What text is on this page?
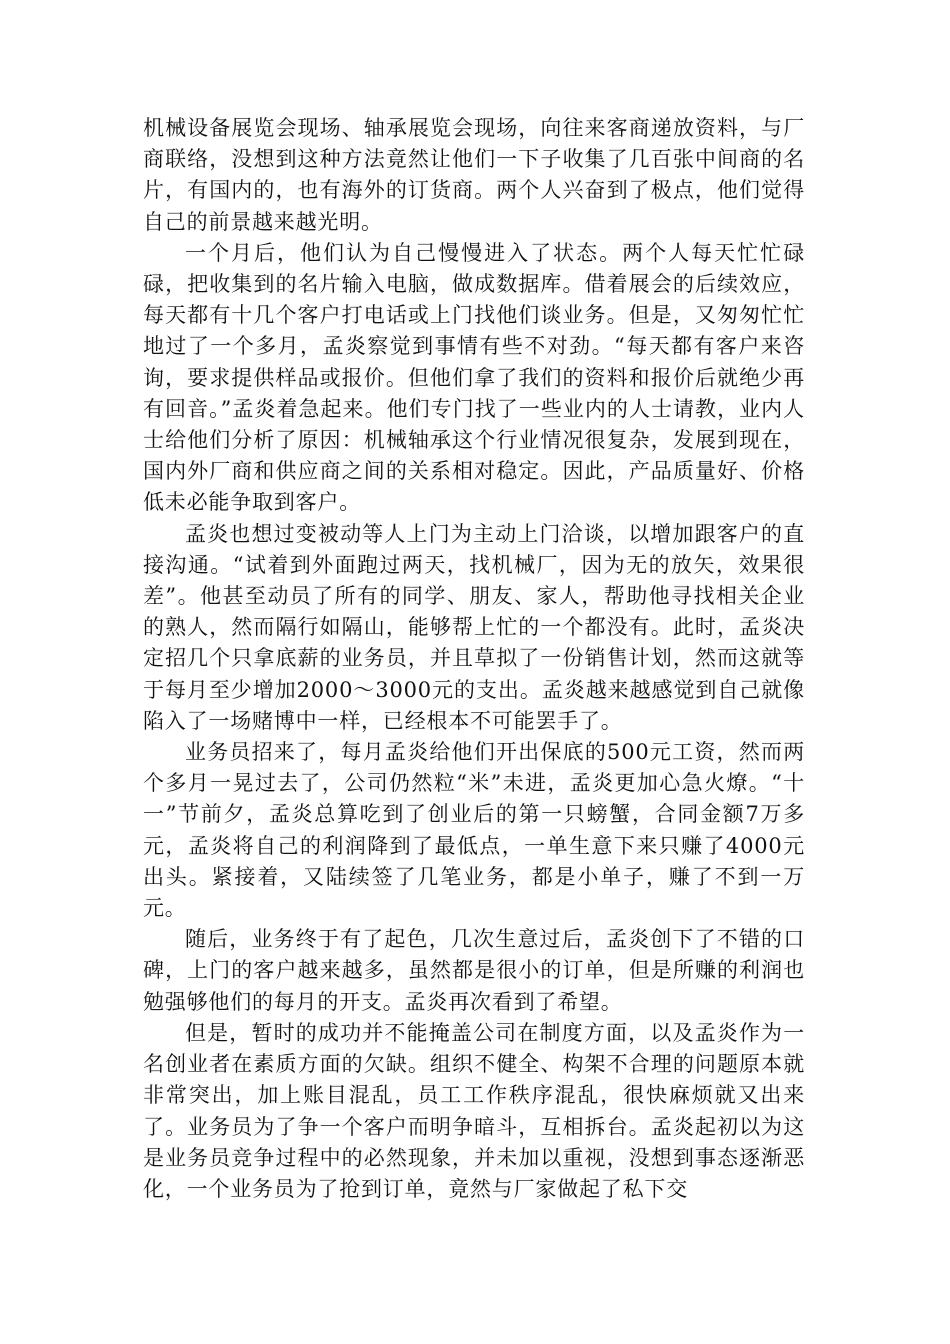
机械设备展览会现场、轴承展览会现场，向往来客商递放资料，与厂商联络，没想到这种方法竟然让他们一下子收集了几百张中间商的名片，有国内的，也有海外的订货商。两个人兴奋到了极点，他们觉得自己的前景越来越光明。

一个月后，他们认为自己慢慢进入了状态。两个人每天忙忙碌碌，把收集到的名片输入电脑，做成数据库。借着展会的后续效应，每天都有十几个客户打电话或上门找他们谈业务。但是，又匆匆忙忙地过了一个多月，孟炎察觉到事情有些不对劲。“每天都有客户来咨询，要求提供样品或报价。但他们拿了我们的资料和报价后就绝少再有回音。”孟炎着急起来。他们专门找了一些业内的人士请教，业内人士给他们分析了原因：机械轴承这个行业情况很复杂，发展到现在，国内外厂商和供应商之间的关系相对稳定。因此，产品质量好、价格低未必能争取到客户。

孟炎也想过变被动等人上门为主动上门洽谈，以增加跟客户的直接沟通。“试着到外面跑过两天，找机械厂，因为无的放矢，效果很差”。他甚至动员了所有的同学、朋友、家人，帮助他寻找相关企业的熟人，然而隔行如隔山，能够帮上忙的一个都没有。此时，孟炎决定招几个只拿底薪的业务员，并且草拟了一份销售计划，然而这就等于每月至少增加2000～3000元的支出。孟炎越来越感觉到自己就像陷入了一场赌博中一样，已经根本不可能罢手了。

业务员招来了，每月孟炎给他们开出保底的500元工资，然而两个多月一晃过去了，公司仍然粒“米”未进，孟炎更加心急火燎。“十一”节前夕，孟炎总算吃到了创业后的第一只螃蟹，合同金额7万多元，孟炎将自己的利润降到了最低点，一单生意下来只赚了4000元出头。紧接着，又陆续签了几笔业务，都是小单子，赚了不到一万元。

随后，业务终于有了起色，几次生意过后，孟炎创下了不错的口碑，上门的客户越来越多，虽然都是很小的订单，但是所赚的利润也勉强够他们的每月的开支。孟炎再次看到了希望。

但是，暂时的成功并不能掩盖公司在制度方面，以及孟炎作为一名创业者在素质方面的欠缺。组织不健全、构架不合理的问题原本就非常突出，加上账目混乱，员工工作秩序混乱，很快麻烦就又出来了。业务员为了争一个客户而明争暗斗，互相拆台。孟炎起初以为这是业务员竞争过程中的必然现象，并未加以重视，没想到事态逐渐恶化，一个业务员为了抢到订单，竟然与厂家做起了私下交
